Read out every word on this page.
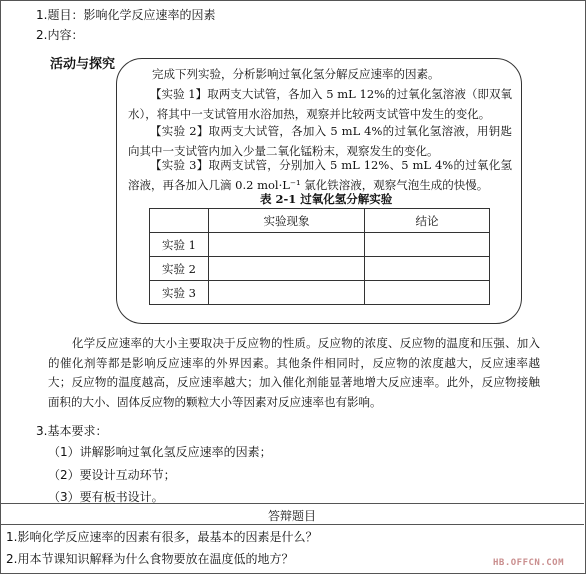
1.题目：影响化学反应速率的因素
2.内容：
活动与探究
完成下列实验，分析影响过氧化氢分解反应速率的因素。
【实验 1】取两支大试管，各加入 5 mL 12%的过氧化氢溶液（即双氧水），将其中一支试管用水浴加热，观察并比较两支试管中发生的变化。
【实验 2】取两支大试管，各加入 5 mL 4%的过氧化氢溶液，用钥匙向其中一支试管内加入少量二氧化锰粉末，观察发生的变化。
【实验 3】取两支试管，分别加入 5 mL 12%、5 mL 4%的过氧化氢溶液，再各加入几滴 0.2 mol·L⁻¹ 氯化铁溶液，观察气泡生成的快慢。
表 2-1 过氧化氢分解实验
	实验现象	结论
实验 1		
实验 2		
实验 3		
化学反应速率的大小主要取决于反应物的性质。反应物的浓度、反应物的温度和压强、加入的催化剂等都是影响反应速率的外界因素。其他条件相同时，反应物的浓度越大，反应速率越大；反应物的温度越高，反应速率越大；加入催化剂能显著地增大反应速率。此外，反应物接触面积的大小、固体反应物的颗粒大小等因素对反应速率也有影响。
3.基本要求：
（1）讲解影响过氧化氢反应速率的因素；
（2）要设计互动环节；
（3）要有板书设计。
答辩题目
1.影响化学反应速率的因素有很多，最基本的因素是什么？
2.用本节课知识解释为什么食物要放在温度低的地方？	HB.OFFCN.COM
